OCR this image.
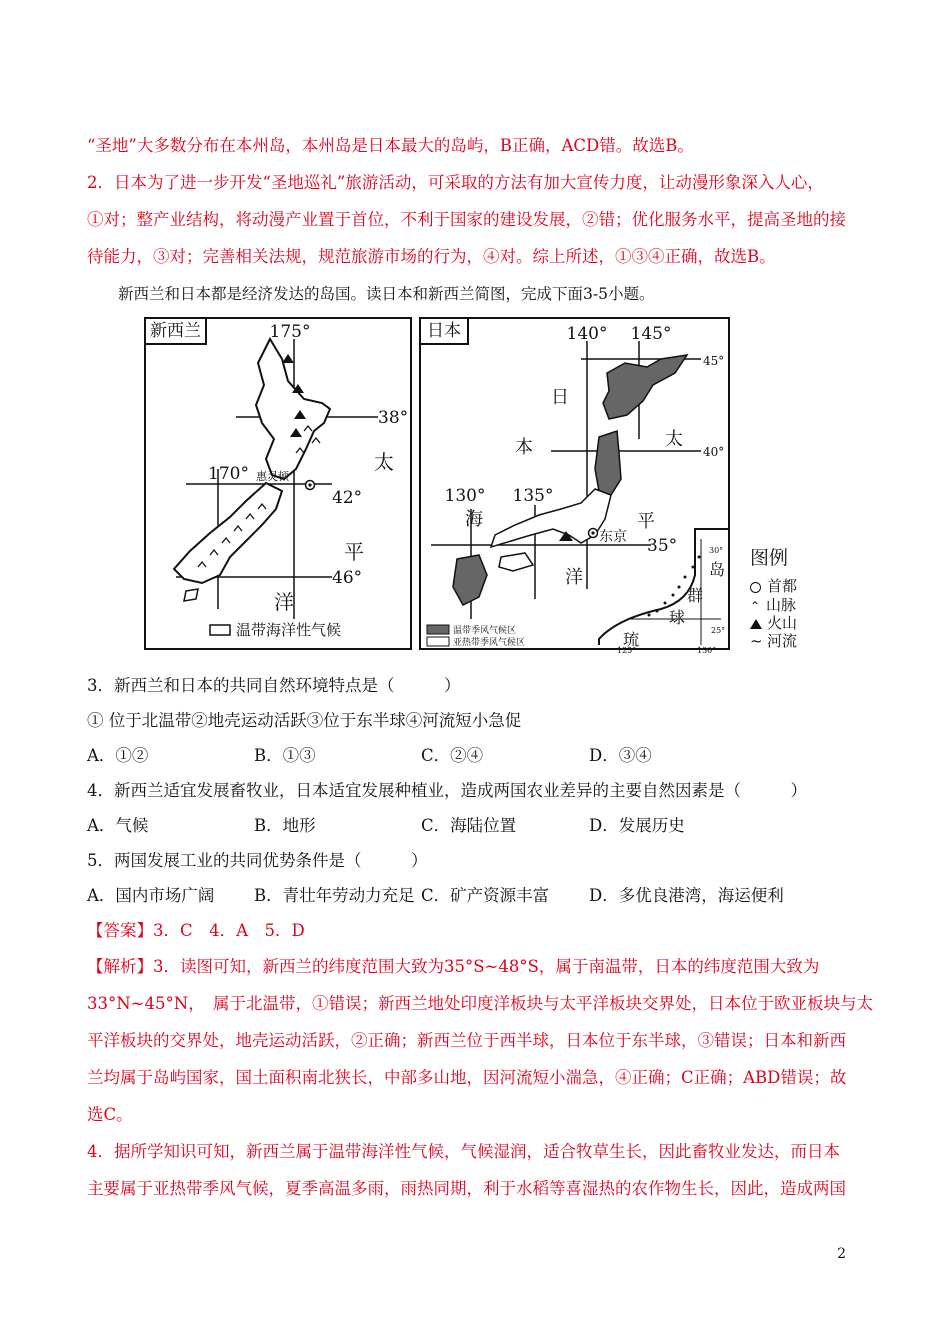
“圣地”大多数分布在本州岛，本州岛是日本最大的岛屿，B正确，ACD错。故选B。
2．日本为了进一步开发“圣地巡礼”旅游活动，可采取的方法有加大宣传力度，让动漫形象深入人心，
①对；整产业结构，将动漫产业置于首位，不利于国家的建设发展，②错；优化服务水平，提高圣地的接
待能力，③对；完善相关法规，规范旅游市场的行为，④对。综上所述，①③④正确，故选B。
新西兰和日本都是经济发达的岛国。读日本和新西兰简图，完成下面3-5小题。
175°
170°
38°
42°
46°
惠灵顿
太
平
洋
温带海洋性气候
新西兰	140° 145°
130° 135°
45°
40°
35°
日
本
海
洋
太
平
东京
温带季风气候区
亚热带季风气候区	琉
球
群
岛
30°
25°
125°	130°
日本
图例
首都
⌃ 山脉
火山
~ 河流
3．新西兰和日本的共同自然环境特点是（　　　）
① 位于北温带②地壳运动活跃③位于东半球④河流短小急促
A．①②	B．①③	C．②④	D．③④
4．新西兰适宜发展畜牧业，日本适宜发展种植业，造成两国农业差异的主要自然因素是（　　　）
A．气候	B．地形	C．海陆位置	D．发展历史
5．两国发展工业的共同优势条件是（　　　）
A．国内市场广阔 B．青壮年劳动力充足 C．矿产资源丰富 D．多优良港湾，海运便利
【答案】3．C　4．A　5．D
【解析】3．读图可知，新西兰的纬度范围大致为35°S~48°S，属于南温带，日本的纬度范围大致为
33°N~45°N，　属于北温带，①错误；新西兰地处印度洋板块与太平洋板块交界处，日本位于欧亚板块与太
平洋板块的交界处，地壳运动活跃，②正确；新西兰位于西半球，日本位于东半球，③错误；日本和新西
兰均属于岛屿国家，国土面积南北狭长，中部多山地，因河流短小湍急，④正确；C正确；ABD错误；故
选C。
4．据所学知识可知，新西兰属于温带海洋性气候，气候湿润，适合牧草生长，因此畜牧业发达，而日本
主要属于亚热带季风气候，夏季高温多雨，雨热同期，利于水稻等喜湿热的农作物生长，因此，造成两国
2
